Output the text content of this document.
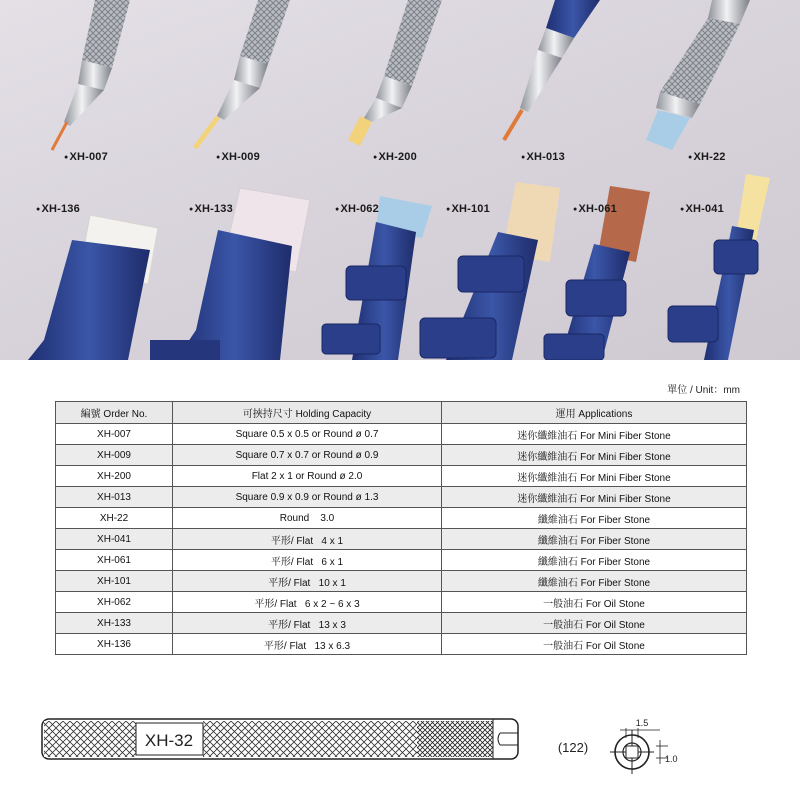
● XH-007	● XH-009	● XH-200	● XH-013	● XH-22
● XH-136	● XH-133	● XH-062	● XH-101	● XH-061	● XH-041
單位 / Unit：mm
編號 Order No.	可挾持尺寸 Holding Capacity	運用 Applications
XH-007	Square 0.5 x 0.5 or Round ø 0.7	迷你纖維油石 For Mini Fiber Stone
XH-009	Square 0.7 x 0.7 or Round ø 0.9	迷你纖維油石 For Mini Fiber Stone
XH-200	Flat 2 x 1 or Round ø 2.0	迷你纖維油石 For Mini Fiber Stone
XH-013	Square 0.9 x 0.9 or Round ø 1.3	迷你纖維油石 For Mini Fiber Stone
XH-22	Round    3.0	纖維油石 For Fiber Stone
XH-041	平形/ Flat   4 x 1	纖維油石 For Fiber Stone
XH-061	平形/ Flat   6 x 1	纖維油石 For Fiber Stone
XH-101	平形/ Flat   10 x 1	纖維油石 For Fiber Stone
XH-062	平形/ Flat   6 x 2 ~ 6 x 3	一般油石 For Oil Stone
XH-133	平形/ Flat   13 x 3	一般油石 For Oil Stone
XH-136	平形/ Flat   13 x 6.3	一般油石 For Oil Stone
XH-32	(122)
1.5
1.0
